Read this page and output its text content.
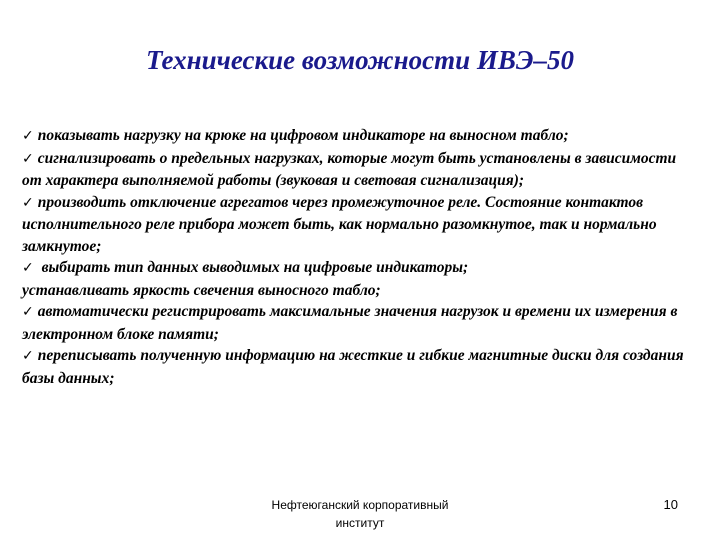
Технические возможности ИВЭ–50

✓ показывать нагрузку на крюке на цифровом индикаторе на выносном табло;

✓ сигнализировать о предельных нагрузках, которые могут быть установлены в зависимости от характера выполняемой работы (звуковая и световая сигнализация);

✓ производить отключение агрегатов через промежуточное реле. Состояние контактов исполнительного реле прибора может быть, как нормально разомкнутое, так и нормально замкнутое;

✓ выбирать тип данных выводимых на цифровые индикаторы;

устанавливать яркость свечения выносного табло;

✓ автоматически регистрировать максимальные значения нагрузок и времени их измерения в электронном блоке памяти;

✓ переписывать полученную информацию на жесткие и гибкие магнитные диски для создания базы данных;

Нефтеюганский корпоративный институт
10
